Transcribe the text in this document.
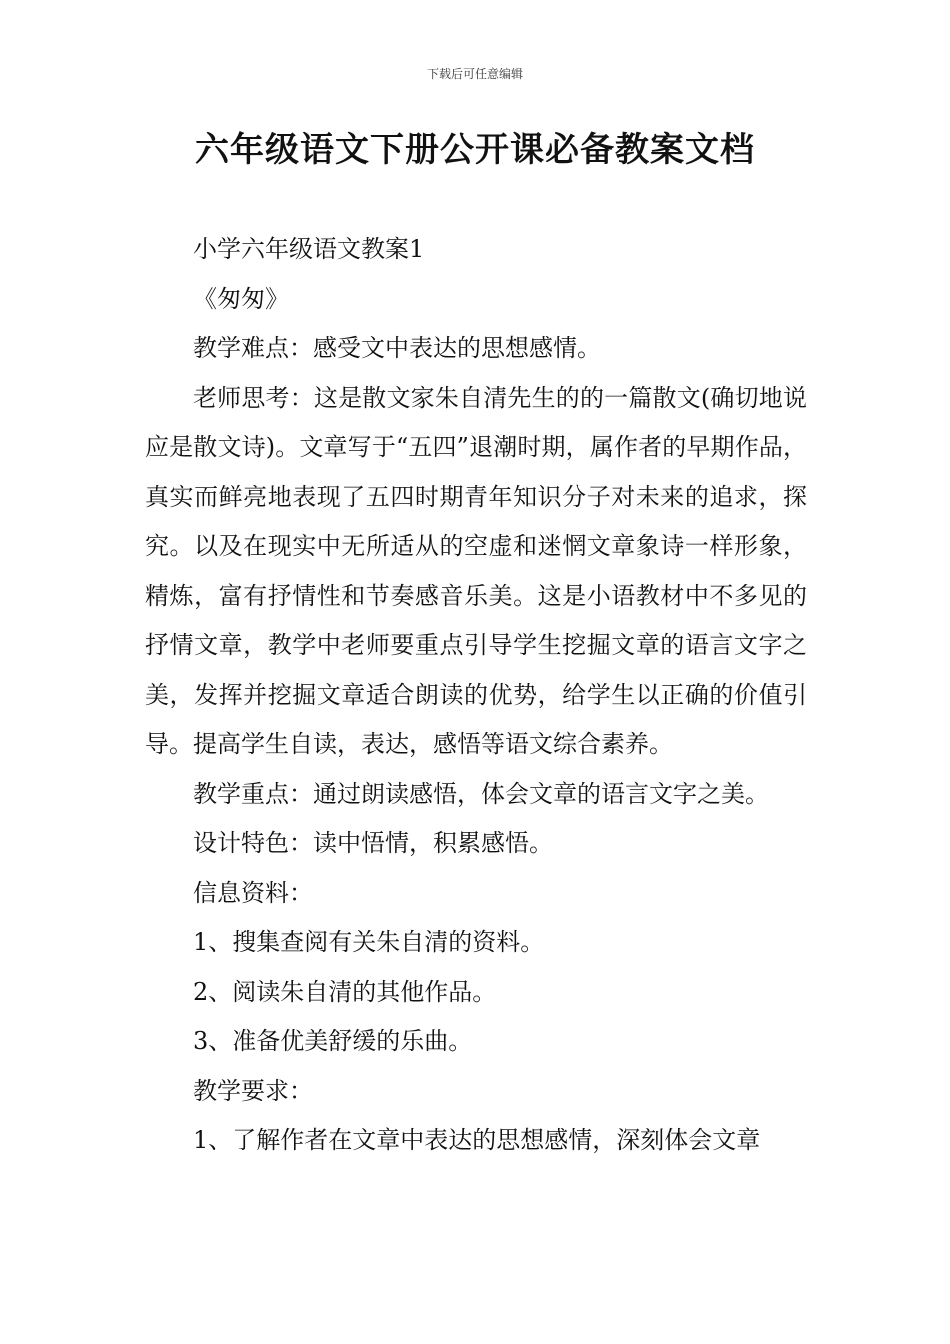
下载后可任意编辑
六年级语文下册公开课必备教案文档

小学六年级语文教案1

《匆匆》

教学难点：感受文中表达的思想感情。

老师思考：这是散文家朱自清先生的的一篇散文(确切地说应是散文诗)。文章写于“五四”退潮时期，属作者的早期作品，真实而鲜亮地表现了五四时期青年知识分子对未来的追求，探究。以及在现实中无所适从的空虚和迷惘文章象诗一样形象，精炼，富有抒情性和节奏感音乐美。这是小语教材中不多见的抒情文章，教学中老师要重点引导学生挖掘文章的语言文字之美，发挥并挖掘文章适合朗读的优势，给学生以正确的价值引导。提高学生自读，表达，感悟等语文综合素养。

教学重点：通过朗读感悟，体会文章的语言文字之美。

设计特色：读中悟情，积累感悟。

信息资料：

1、搜集查阅有关朱自清的资料。

2、阅读朱自清的其他作品。

3、准备优美舒缓的乐曲。

教学要求：

1、了解作者在文章中表达的思想感情，深刻体会文章
